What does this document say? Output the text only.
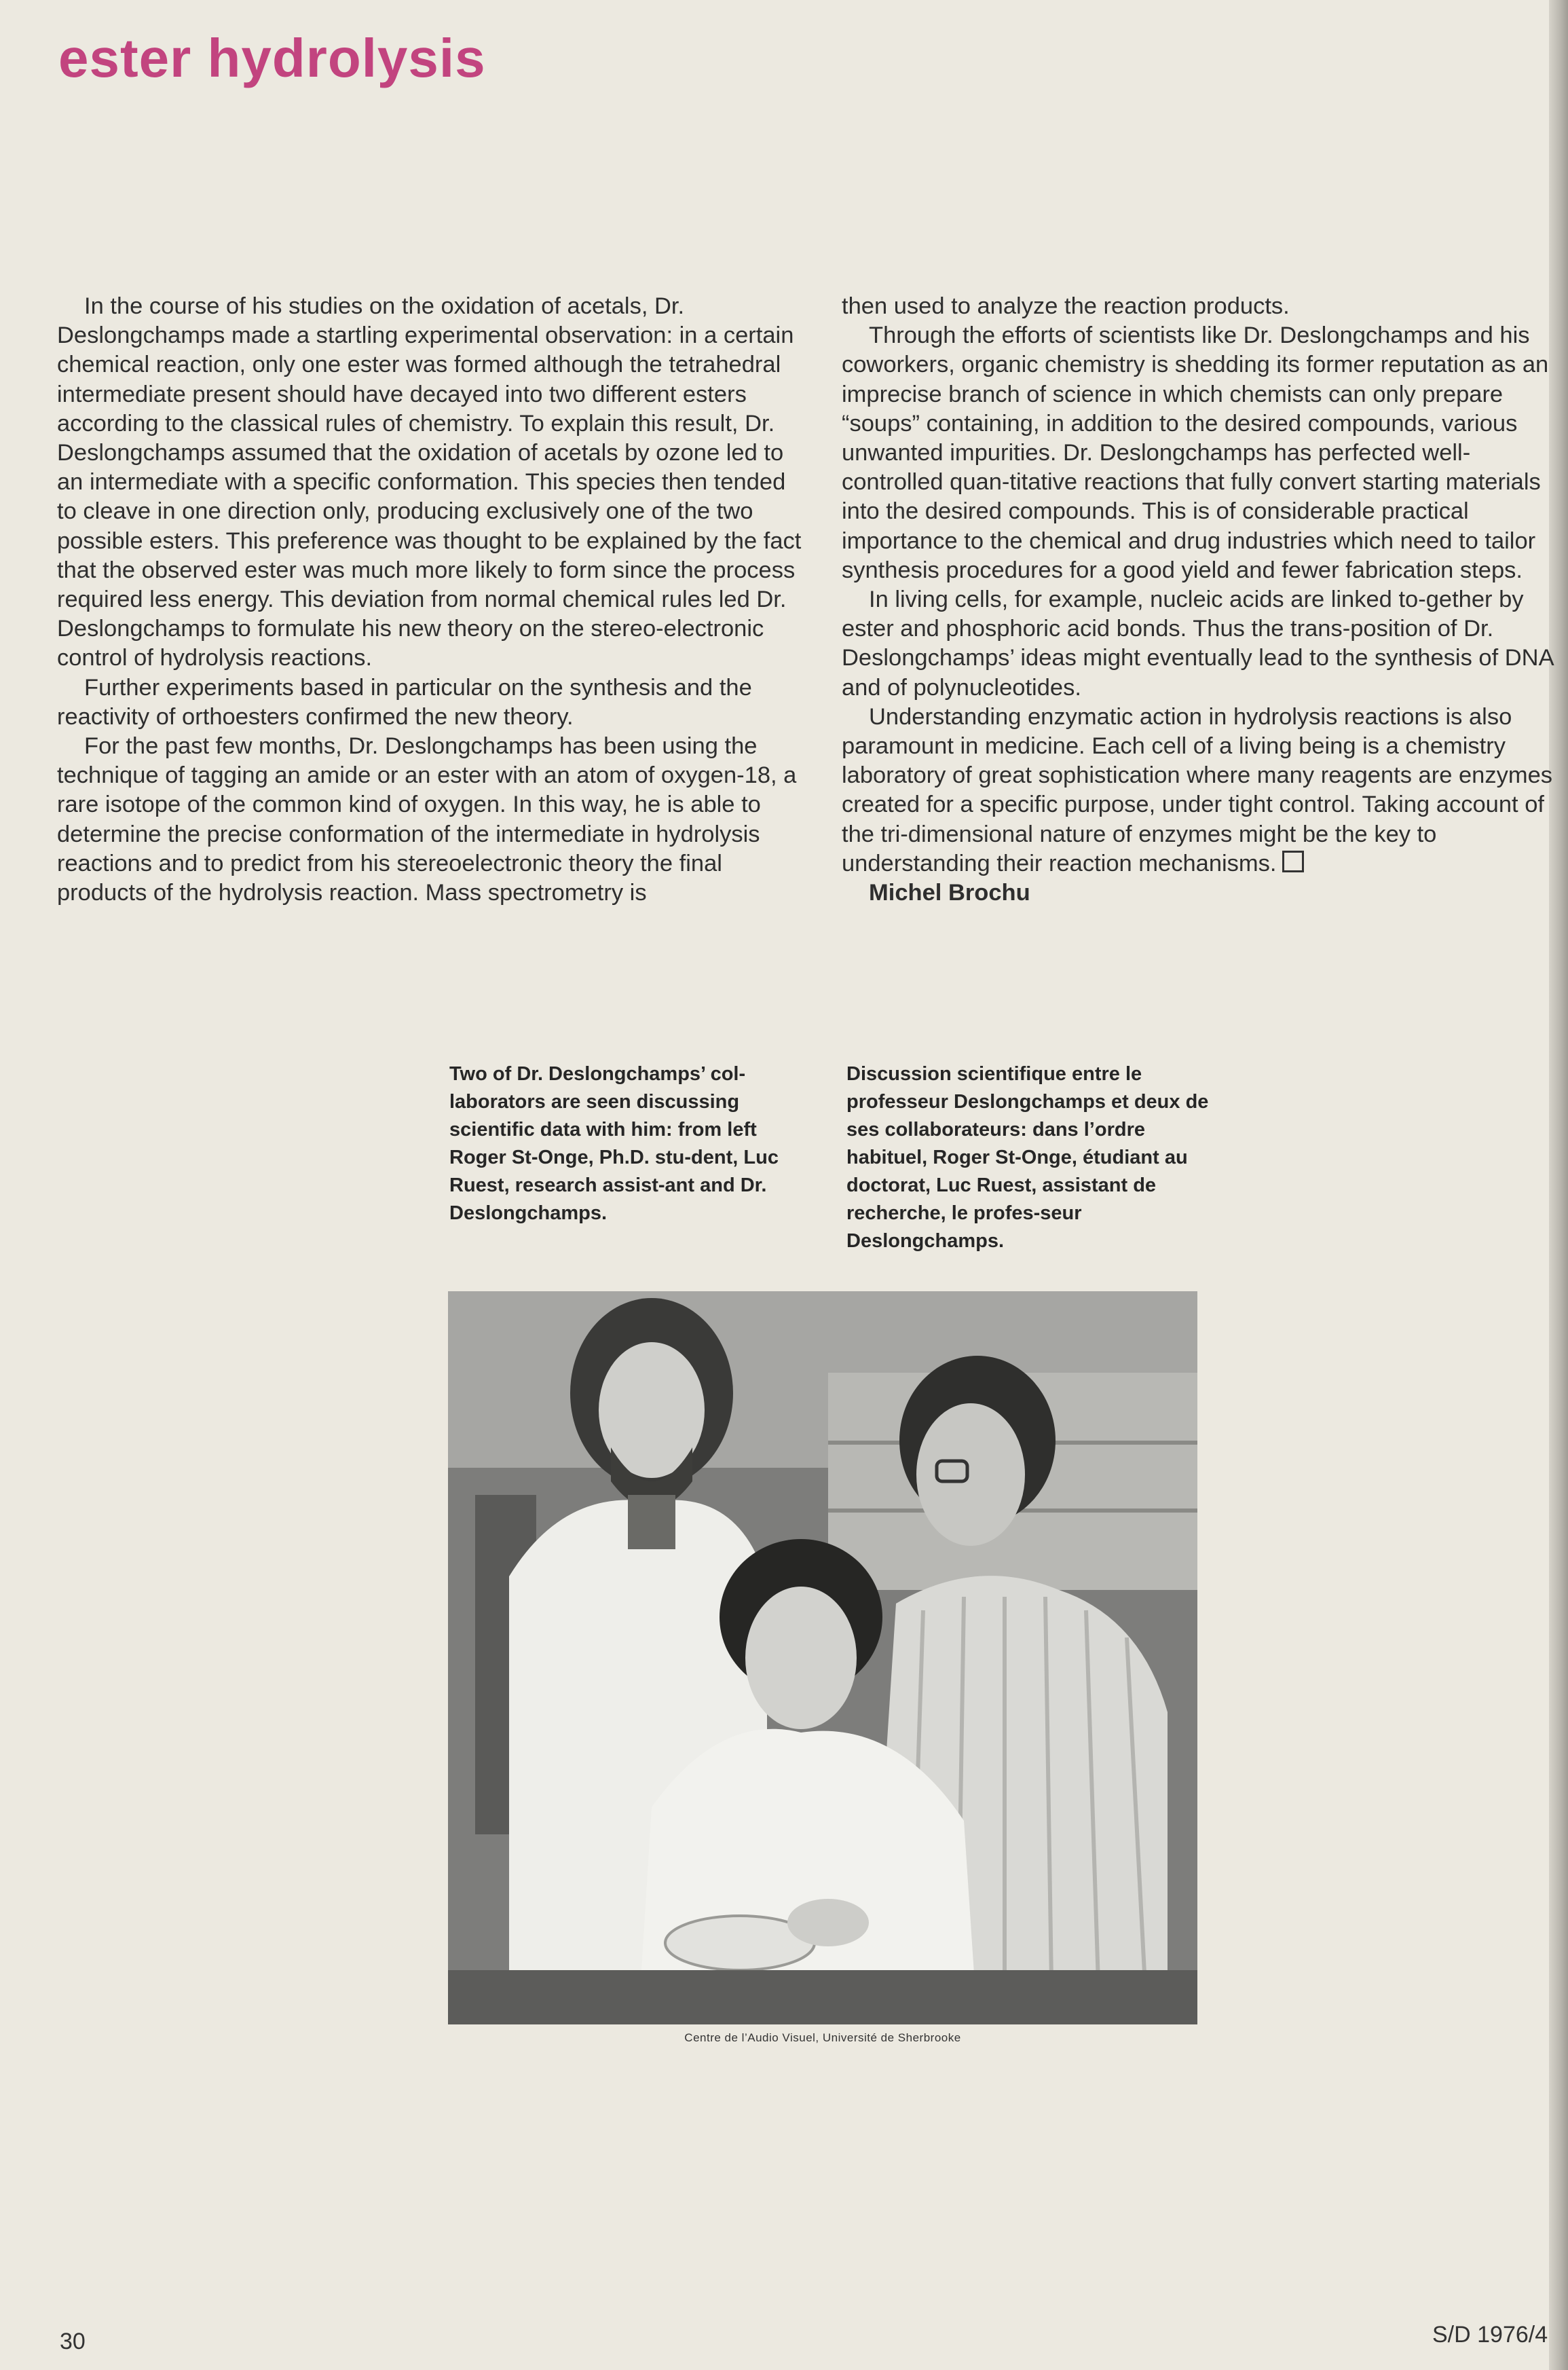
ester hydrolysis

In the course of his studies on the oxidation of acetals, Dr. Deslongchamps made a startling experimental observation: in a certain chemical reaction, only one ester was formed although the tetrahedral intermediate present should have decayed into two different esters according to the classical rules of chemistry. To explain this result, Dr. Deslongchamps assumed that the oxidation of acetals by ozone led to an intermediate with a specific conformation. This species then tended to cleave in one direction only, producing exclusively one of the two possible esters. This preference was thought to be explained by the fact that the observed ester was much more likely to form since the process required less energy. This deviation from normal chemical rules led Dr. Deslongchamps to formulate his new theory on the stereo-electronic control of hydrolysis reactions.

Further experiments based in particular on the synthesis and the reactivity of orthoesters confirmed the new theory.

For the past few months, Dr. Deslongchamps has been using the technique of tagging an amide or an ester with an atom of oxygen-18, a rare isotope of the common kind of oxygen. In this way, he is able to determine the precise conformation of the intermediate in hydrolysis reactions and to predict from his stereoelectronic theory the final products of the hydrolysis reaction. Mass spectrometry is

then used to analyze the reaction products.

Through the efforts of scientists like Dr. Deslongchamps and his coworkers, organic chemistry is shedding its former reputation as an imprecise branch of science in which chemists can only prepare “soups” containing, in addition to the desired compounds, various unwanted impurities. Dr. Deslongchamps has perfected well-controlled quan-titative reactions that fully convert starting materials into the desired compounds. This is of considerable practical importance to the chemical and drug industries which need to tailor synthesis procedures for a good yield and fewer fabrication steps.

In living cells, for example, nucleic acids are linked to-gether by ester and phosphoric acid bonds. Thus the trans-position of Dr. Deslongchamps’ ideas might eventually lead to the synthesis of DNA and of polynucleotides.

Understanding enzymatic action in hydrolysis reactions is also paramount in medicine. Each cell of a living being is a chemistry laboratory of great sophistication where many reagents are enzymes created for a specific purpose, under tight control. Taking account of the tri-dimensional nature of enzymes might be the key to understanding their reaction mechanisms.

Michel Brochu

Two of Dr. Deslongchamps’ col-laborators are seen discussing scientific data with him: from left Roger St-Onge, Ph.D. stu-dent, Luc Ruest, research assist-ant and Dr. Deslongchamps.
Discussion scientifique entre le professeur Deslongchamps et deux de ses collaborateurs: dans l’ordre habituel, Roger St-Onge, étudiant au doctorat, Luc Ruest, assistant de recherche, le profes-seur Deslongchamps.
Centre de l’Audio Visuel, Université de Sherbrooke
30	S/D 1976/4
